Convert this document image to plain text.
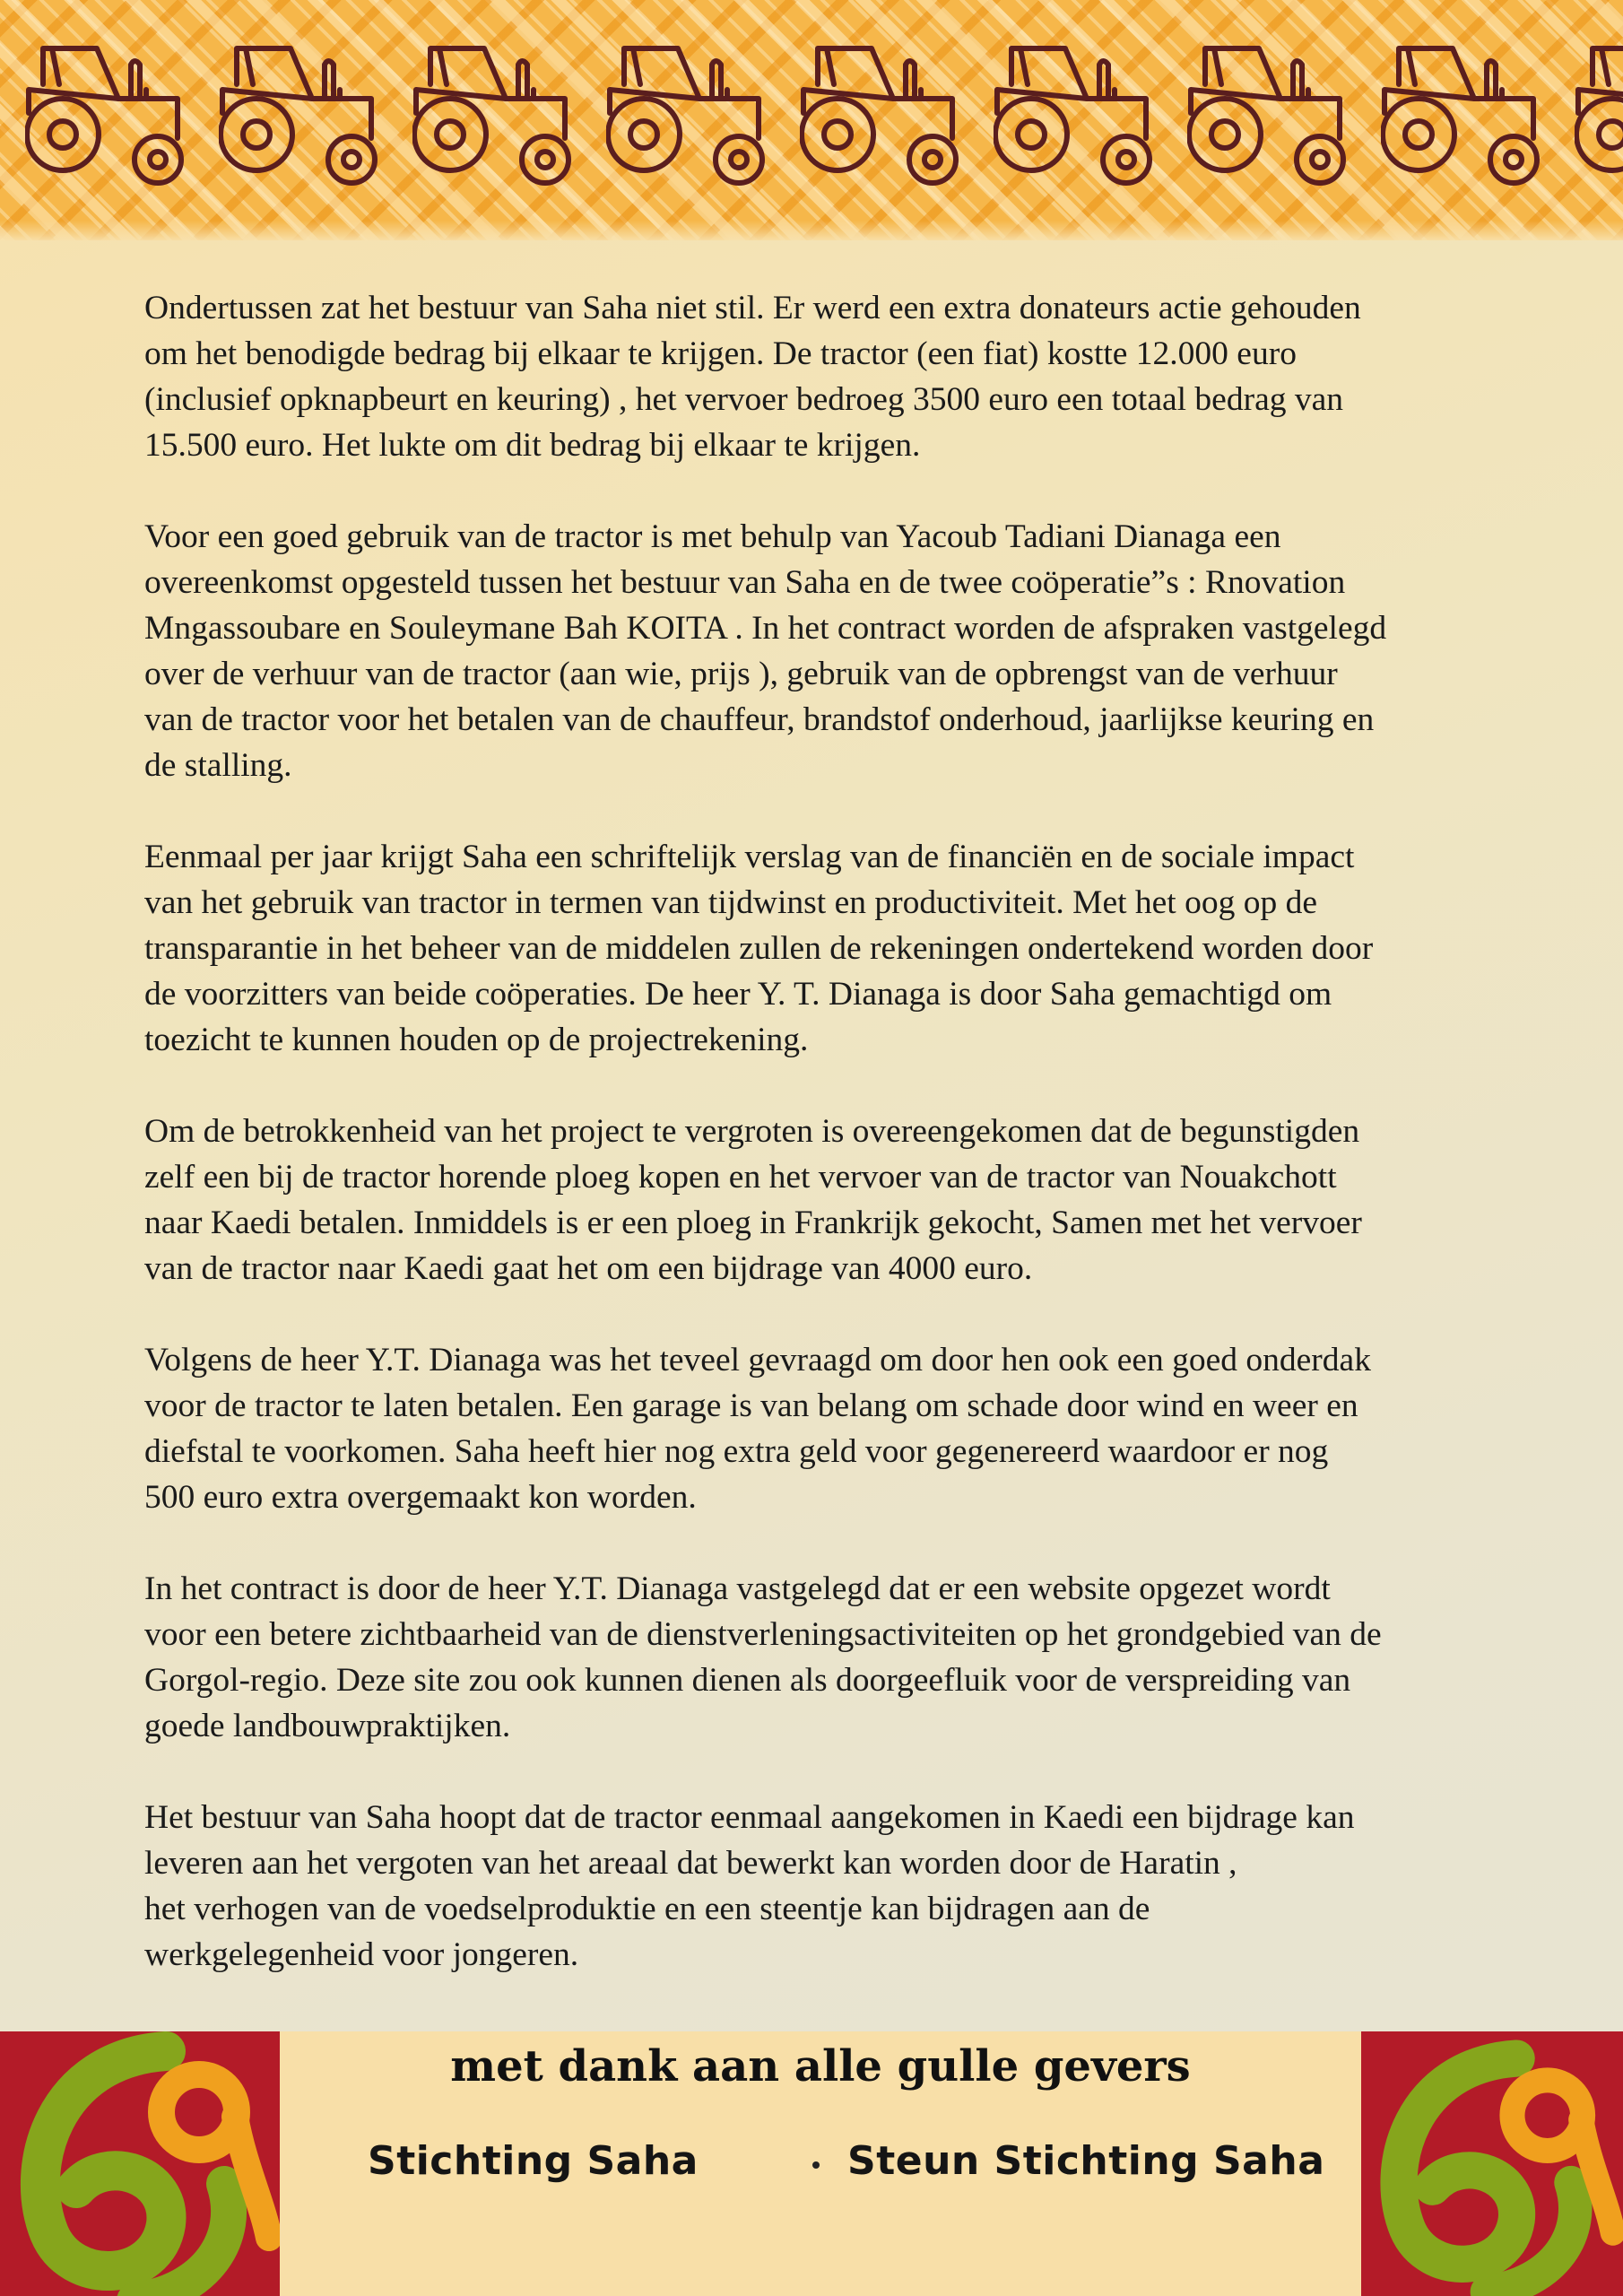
Ondertussen zat het bestuur van Saha niet stil. Er werd een extra donateurs actie gehouden
om het benodigde bedrag bij elkaar te krijgen. De tractor (een fiat) kostte 12.000 euro
(inclusief opknapbeurt en keuring) , het vervoer bedroeg 3500 euro een totaal bedrag van
15.500 euro. Het lukte om dit bedrag bij elkaar te krijgen.

Voor een goed gebruik van de tractor is met behulp van Yacoub Tadiani Dianaga een
overeenkomst opgesteld tussen het bestuur van Saha en de twee coöperatie”s : Rnovation
Mngassoubare en Souleymane Bah KOITA . In het contract worden de afspraken vastgelegd
over de verhuur van de tractor (aan wie, prijs ), gebruik van de opbrengst van de verhuur
van de tractor voor het betalen van de chauffeur, brandstof onderhoud, jaarlijkse keuring en
de stalling.

Eenmaal per jaar krijgt Saha een schriftelijk verslag van de financiën en de sociale impact
van het gebruik van tractor in termen van tijdwinst en productiviteit. Met het oog op de
transparantie in het beheer van de middelen zullen de rekeningen ondertekend worden door
de voorzitters van beide coöperaties. De heer Y. T. Dianaga is door Saha gemachtigd om
toezicht te kunnen houden op de projectrekening.

Om de betrokkenheid van het project te vergroten is overeengekomen dat de begunstigden
zelf een bij de tractor horende ploeg kopen en het vervoer van de tractor van Nouakchott
naar Kaedi betalen. Inmiddels is er een ploeg in Frankrijk gekocht, Samen met het vervoer
van de tractor naar Kaedi gaat het om een bijdrage van 4000 euro.

Volgens de heer Y.T. Dianaga was het teveel gevraagd om door hen ook een goed onderdak
voor de tractor te laten betalen. Een garage is van belang om schade door wind en weer en
diefstal te voorkomen. Saha heeft hier nog extra geld voor gegenereerd waardoor er nog
500 euro extra overgemaakt kon worden.

In het contract is door de heer Y.T. Dianaga vastgelegd dat er een website opgezet wordt
voor een betere zichtbaarheid van de dienstverleningsactiviteiten op het grondgebied van de
Gorgol-regio. Deze site zou ook kunnen dienen als doorgeefluik voor de verspreiding van
goede landbouwpraktijken.

Het bestuur van Saha hoopt dat de tractor eenmaal aangekomen in Kaedi een bijdrage kan
leveren aan het vergoten van het areaal dat bewerkt kan worden door de Haratin ,
het verhogen van de voedselproduktie en een steentje kan bijdragen aan de
werkgelegenheid voor jongeren.

met dank aan alle gulle gevers
Stichting Saha	Steun Stichting Saha
